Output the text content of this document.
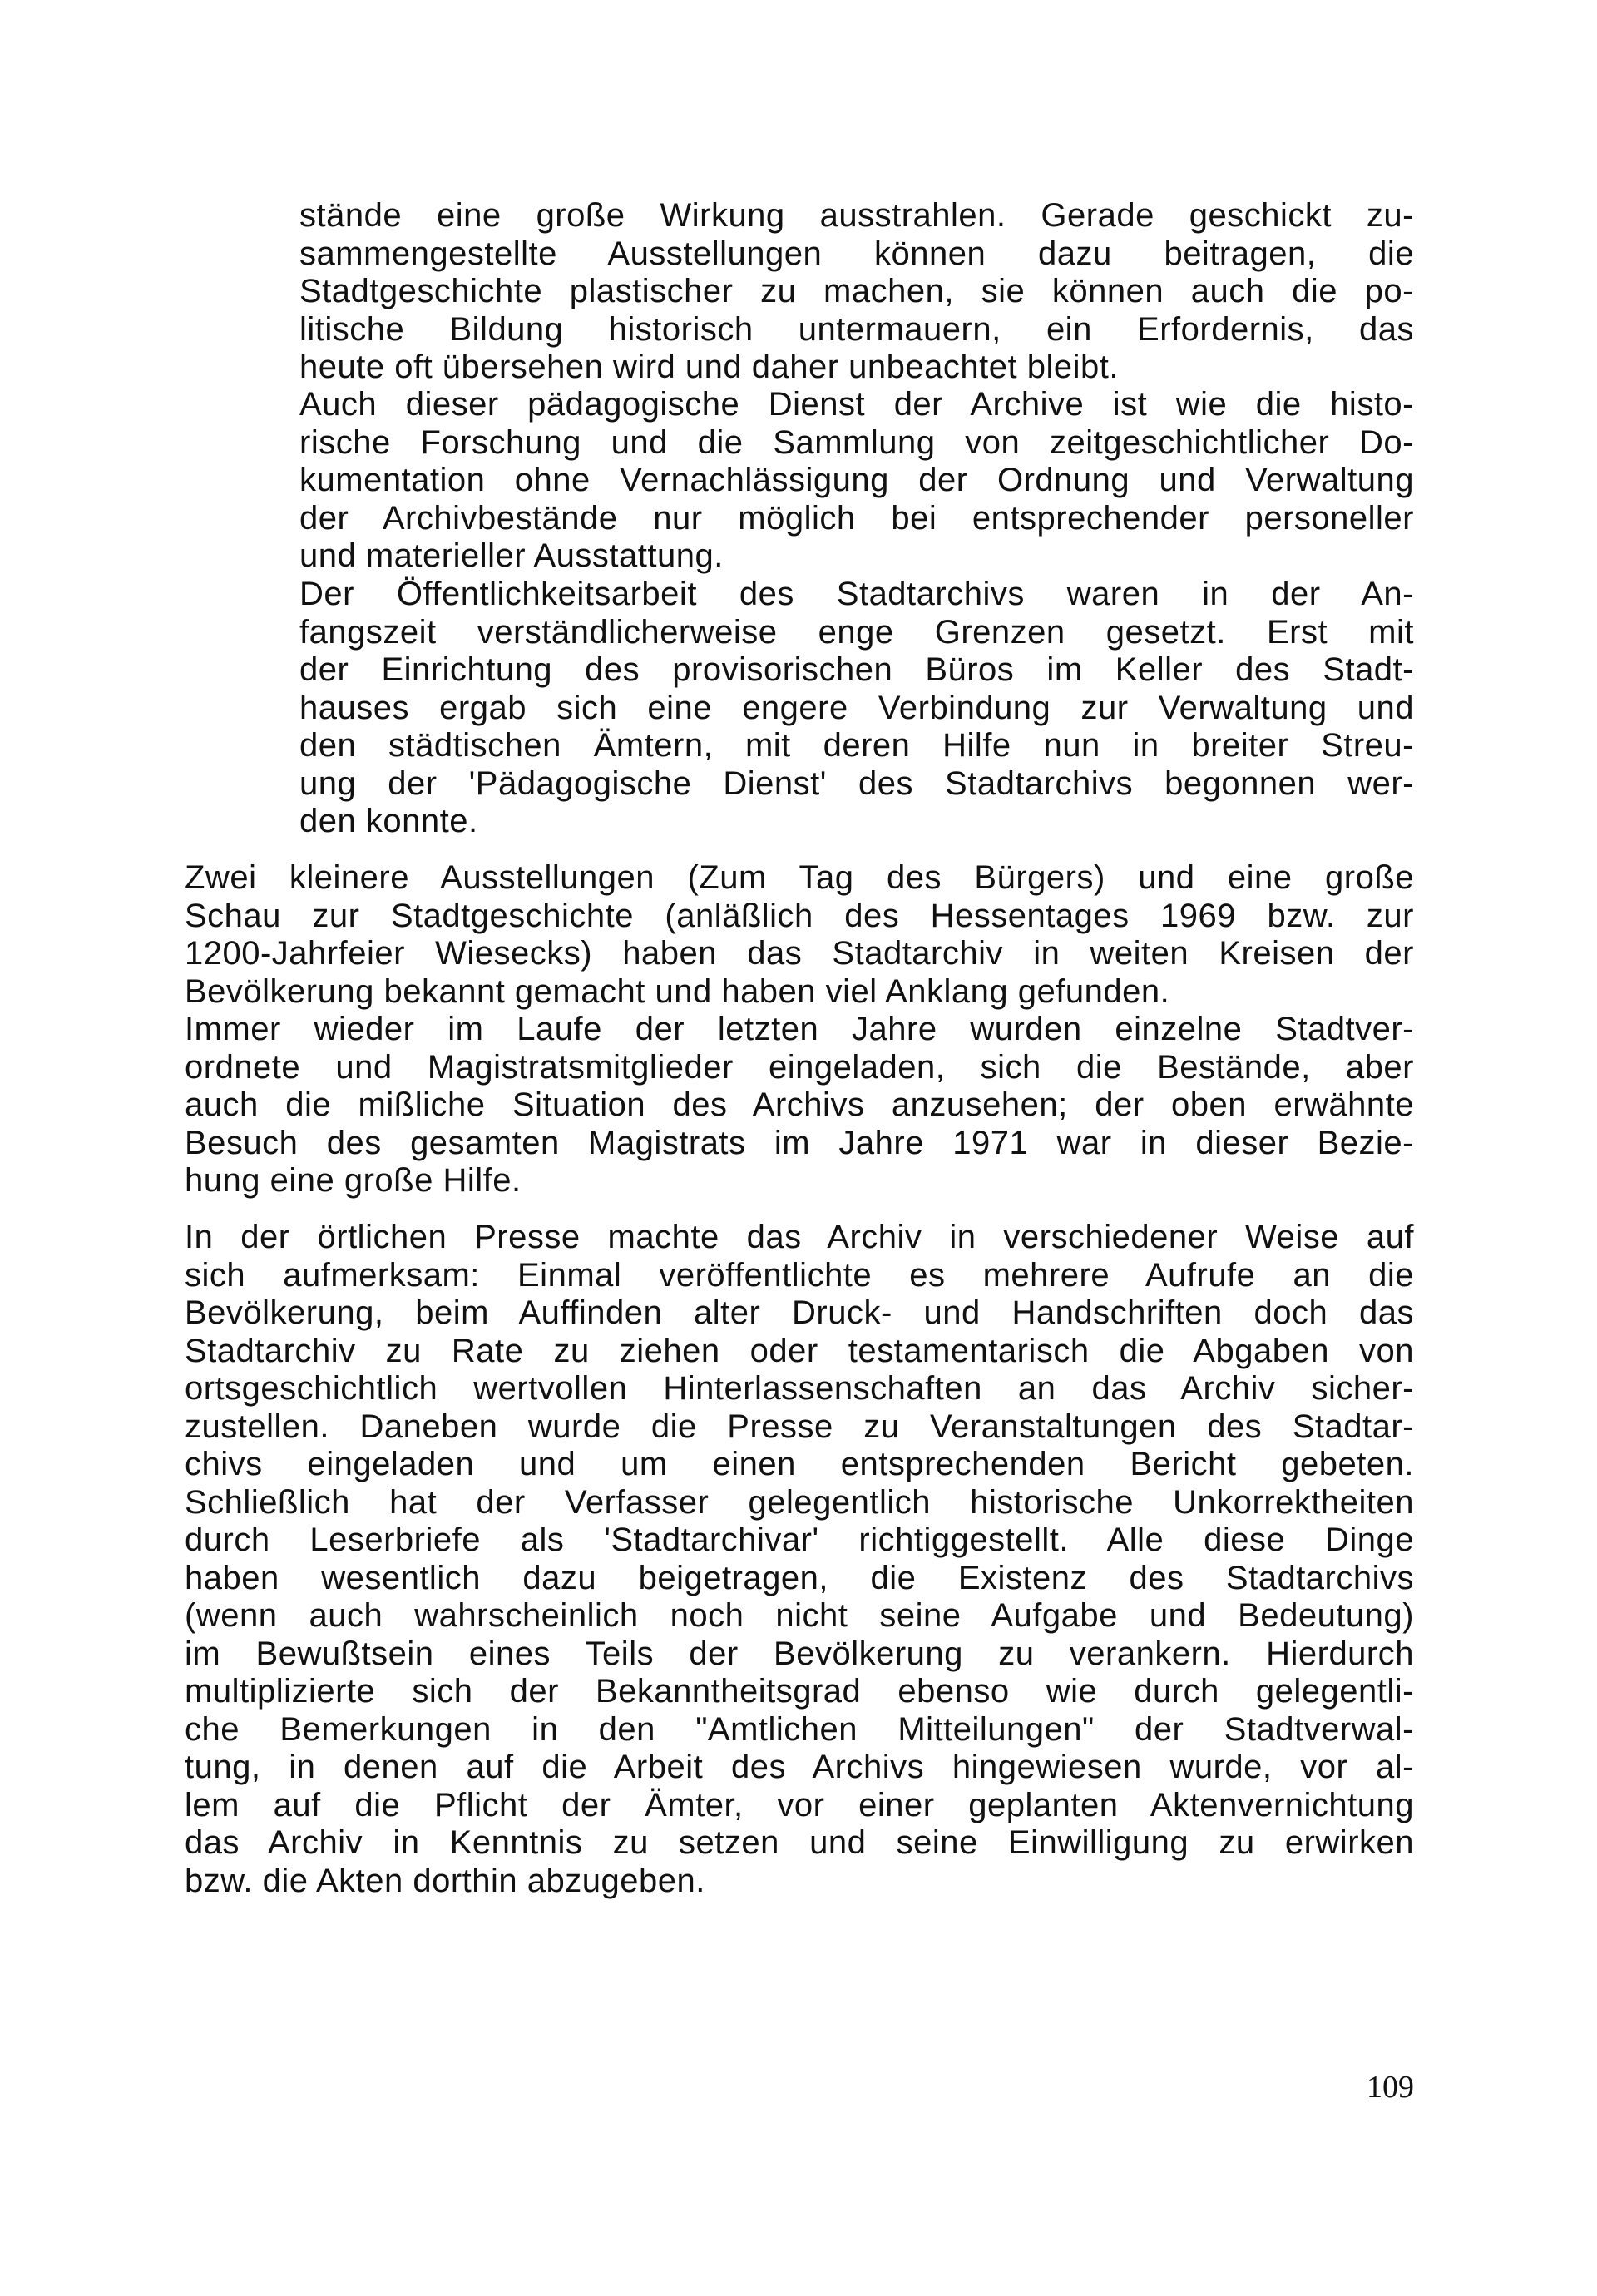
stände eine große Wirkung ausstrahlen. Gerade geschickt zu-
sammengestellte Ausstellungen können dazu beitragen, die
Stadtgeschichte plastischer zu machen, sie können auch die po-
litische Bildung historisch untermauern, ein Erfordernis, das
heute oft übersehen wird und daher unbeachtet bleibt.
Auch dieser pädagogische Dienst der Archive ist wie die histo-
rische Forschung und die Sammlung von zeitgeschichtlicher Do-
kumentation ohne Vernachlässigung der Ordnung und Verwaltung
der Archivbestände nur möglich bei entsprechender personeller
und materieller Ausstattung.
Der Öffentlichkeitsarbeit des Stadtarchivs waren in der An-
fangszeit verständlicherweise enge Grenzen gesetzt. Erst mit
der Einrichtung des provisorischen Büros im Keller des Stadt-
hauses ergab sich eine engere Verbindung zur Verwaltung und
den städtischen Ämtern, mit deren Hilfe nun in breiter Streu-
ung der 'Pädagogische Dienst' des Stadtarchivs begonnen wer-
den konnte.
Zwei kleinere Ausstellungen (Zum Tag des Bürgers) und eine große
Schau zur Stadtgeschichte (anläßlich des Hessentages 1969 bzw. zur
1200-Jahrfeier Wiesecks) haben das Stadtarchiv in weiten Kreisen der
Bevölkerung bekannt gemacht und haben viel Anklang gefunden.
Immer wieder im Laufe der letzten Jahre wurden einzelne Stadtver-
ordnete und Magistratsmitglieder eingeladen, sich die Bestände, aber
auch die mißliche Situation des Archivs anzusehen; der oben erwähnte
Besuch des gesamten Magistrats im Jahre 1971 war in dieser Bezie-
hung eine große Hilfe.
In der örtlichen Presse machte das Archiv in verschiedener Weise auf
sich aufmerksam: Einmal veröffentlichte es mehrere Aufrufe an die
Bevölkerung, beim Auffinden alter Druck- und Handschriften doch das
Stadtarchiv zu Rate zu ziehen oder testamentarisch die Abgaben von
ortsgeschichtlich wertvollen Hinterlassenschaften an das Archiv sicher-
zustellen. Daneben wurde die Presse zu Veranstaltungen des Stadtar-
chivs eingeladen und um einen entsprechenden Bericht gebeten.
Schließlich hat der Verfasser gelegentlich historische Unkorrektheiten
durch Leserbriefe als 'Stadtarchivar' richtiggestellt. Alle diese Dinge
haben wesentlich dazu beigetragen, die Existenz des Stadtarchivs
(wenn auch wahrscheinlich noch nicht seine Aufgabe und Bedeutung)
im Bewußtsein eines Teils der Bevölkerung zu verankern. Hierdurch
multiplizierte sich der Bekanntheitsgrad ebenso wie durch gelegentli-
che Bemerkungen in den "Amtlichen Mitteilungen" der Stadtverwal-
tung, in denen auf die Arbeit des Archivs hingewiesen wurde, vor al-
lem auf die Pflicht der Ämter, vor einer geplanten Aktenvernichtung
das Archiv in Kenntnis zu setzen und seine Einwilligung zu erwirken
bzw. die Akten dorthin abzugeben.
109
